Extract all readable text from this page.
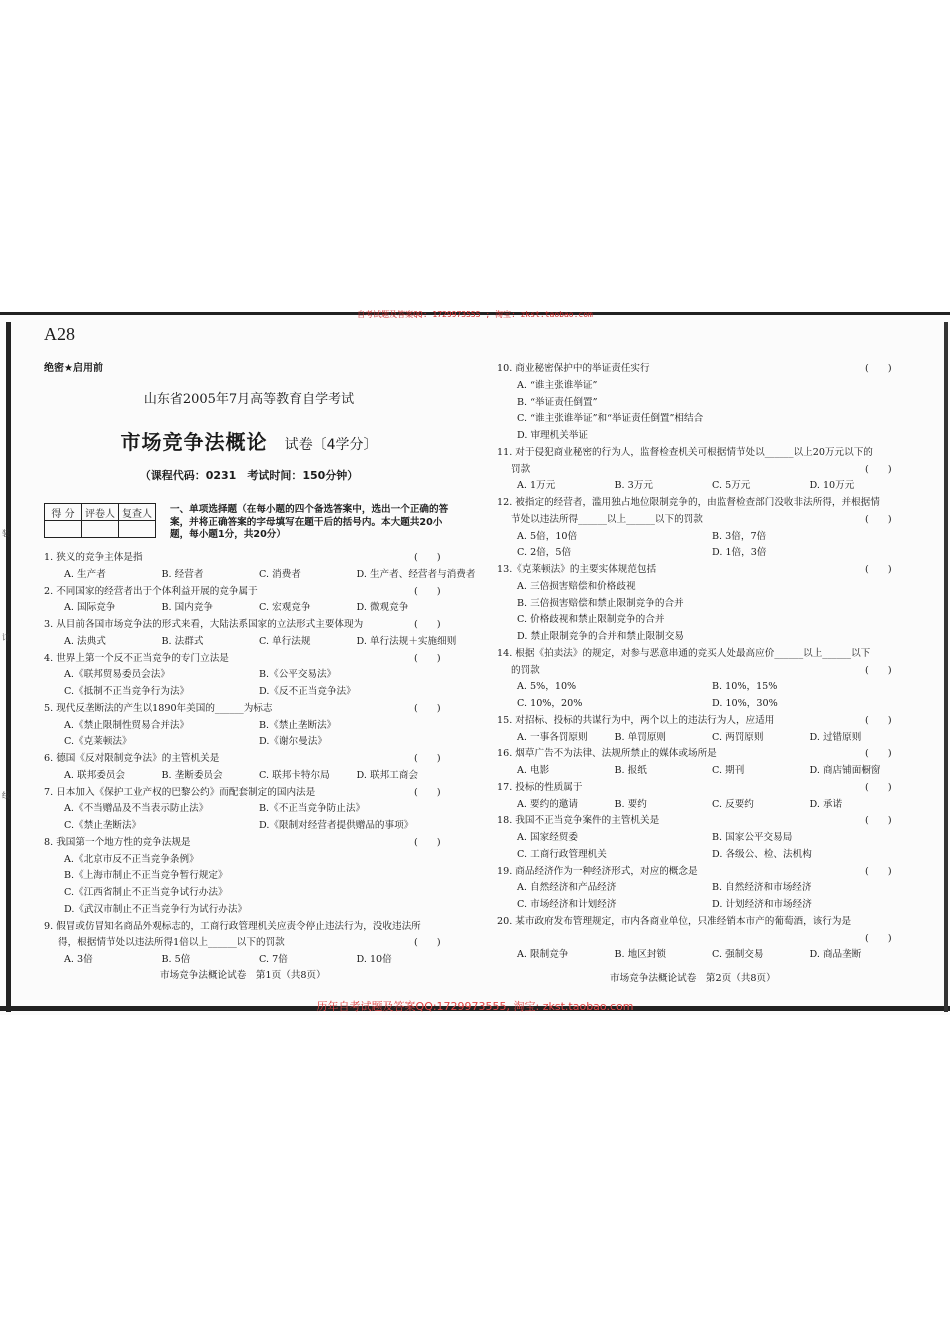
自考试题及答案QQ: 1729973555 ; 淘宝: zkst.taobao.com
历年自考试题及答案QQ:1729973555, 淘宝: zkst.taobao.com
装
订
线
A28
绝密★启用前
山东省2005年7月高等教育自学考试
市场竞争法概论 试卷〔4学分〕
（课程代码：0231　考试时间：150分钟）
得 分	评卷人	复查人
		一、单项选择题（在每小题的四个备选答案中，选出一个正确的答案，并将正确答案的字母填写在题干后的括号内。本大题共20小题，每小题1分，共20分）
1. 狭义的竞争主体是指	(　　)
A. 生产者	B. 经营者	C. 消费者	D. 生产者、经营者与消费者
2. 不同国家的经营者出于个体利益开展的竞争属于	(　　)
A. 国际竞争	B. 国内竞争	C. 宏观竞争	D. 微观竞争
3. 从目前各国市场竞争法的形式来看，大陆法系国家的立法形式主要体现为	(　　)
A. 法典式	B. 法群式	C. 单行法规	D. 单行法规＋实施细则
4. 世界上第一个反不正当竞争的专门立法是	(　　)
A.《联邦贸易委员会法》	B.《公平交易法》
C.《抵制不正当竞争行为法》	D.《反不正当竞争法》
5. 现代反垄断法的产生以1890年美国的______为标志	(　　)
A.《禁止限制性贸易合并法》	B.《禁止垄断法》
C.《克莱顿法》	D.《谢尔曼法》
6. 德国《反对限制竞争法》的主管机关是	(　　)
A. 联邦委员会	B. 垄断委员会	C. 联邦卡特尔局	D. 联邦工商会
7. 日本加入《保护工业产权的巴黎公约》而配套制定的国内法是	(　　)
A.《不当赠品及不当表示防止法》	B.《不正当竞争防止法》
C.《禁止垄断法》	D.《限制对经营者提供赠品的事项》
8. 我国第一个地方性的竞争法规是	(　　)
A.《北京市反不正当竞争条例》
B.《上海市制止不正当竞争暂行规定》
C.《江西省制止不正当竞争试行办法》
D.《武汉市制止不正当竞争行为试行办法》
9. 假冒或仿冒知名商品外观标志的，工商行政管理机关应责令停止违法行为，没收违法所
得，根据情节处以违法所得1倍以上______以下的罚款	(　　)
A. 3倍	B. 5倍	C. 7倍	D. 10倍
10. 商业秘密保护中的举证责任实行	(　　)
A. “谁主张谁举证”
B. “举证责任倒置”
C. “谁主张谁举证”和“举证责任倒置”相结合
D. 审理机关举证
11. 对于侵犯商业秘密的行为人，监督检查机关可根据情节处以______以上20万元以下的
罚款	(　　)
A. 1万元	B. 3万元	C. 5万元	D. 10万元
12. 被指定的经营者，滥用独占地位限制竞争的，由监督检查部门没收非法所得，并根据情
节处以违法所得______以上______以下的罚款	(　　)
A. 5倍，10倍	B. 3倍，7倍
C. 2倍，5倍	D. 1倍，3倍
13.《克莱顿法》的主要实体规范包括	(　　)
A. 三倍损害赔偿和价格歧视
B. 三倍损害赔偿和禁止限制竞争的合并
C. 价格歧视和禁止限制竞争的合并
D. 禁止限制竞争的合并和禁止限制交易
14. 根据《拍卖法》的规定，对参与恶意串通的竞买人处最高应价______以上______以下
的罚款	(　　)
A. 5%，10%	B. 10%，15%
C. 10%，20%	D. 10%，30%
15. 对招标、投标的共谋行为中，两个以上的违法行为人，应适用	(　　)
A. 一事各罚原则	B. 单罚原则	C. 两罚原则	D. 过错原则
16. 烟草广告不为法律、法规所禁止的媒体或场所是	(　　)
A. 电影	B. 报纸	C. 期刊	D. 商店铺面橱窗
17. 投标的性质属于	(　　)
A. 要约的邀请	B. 要约	C. 反要约	D. 承诺
18. 我国不正当竞争案件的主管机关是	(　　)
A. 国家经贸委	B. 国家公平交易局
C. 工商行政管理机关	D. 各级公、检、法机构
19. 商品经济作为一种经济形式，对应的概念是	(　　)
A. 自然经济和产品经济	B. 自然经济和市场经济
C. 市场经济和计划经济	D. 计划经济和市场经济
20. 某市政府发布管理规定，市内各商业单位，只准经销本市产的葡萄酒，该行为是
(　　)
A. 限制竞争	B. 地区封锁	C. 强制交易	D. 商品垄断
市场竞争法概论试卷　第1页（共8页）	市场竞争法概论试卷　第2页（共8页）
